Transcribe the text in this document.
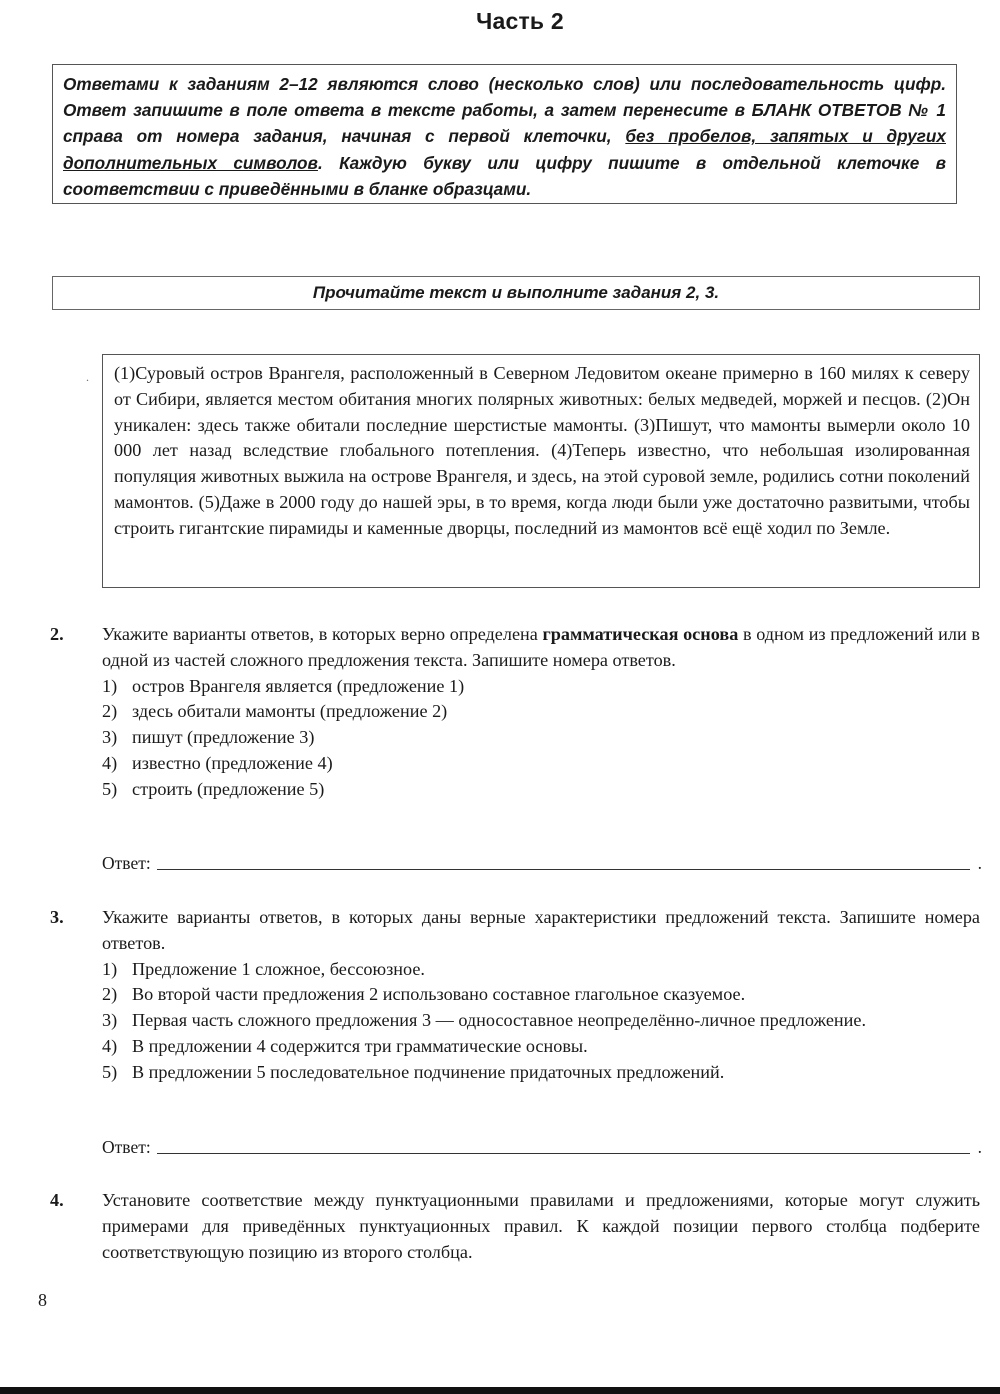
Часть 2
Ответами к заданиям 2–12 являются слово (несколько слов) или последовательность цифр. Ответ запишите в поле ответа в тексте работы, а затем перенесите в БЛАНК ОТВЕТОВ № 1 справа от номера задания, начиная с первой клеточки, без пробелов, запятых и других дополнительных символов. Каждую букву или цифру пишите в отдельной клеточке в соответствии с приведёнными в бланке образцами.
Прочитайте текст и выполните задания 2, 3.
.	(1)Суровый остров Врангеля, расположенный в Северном Ледовитом океане примерно в 160 милях к северу от Сибири, является местом обитания многих полярных животных: белых медведей, моржей и песцов. (2)Он уникален: здесь также обитали последние шерстистые мамонты. (3)Пишут, что мамонты вымерли около 10 000 лет назад вследствие глобального потепления. (4)Теперь известно, что небольшая изолированная популяция животных выжила на острове Врангеля, и здесь, на этой суровой земле, родились сотни поколений мамонтов. (5)Даже в 2000 году до нашей эры, в то время, когда люди были уже достаточно развитыми, чтобы строить гигантские пирамиды и каменные дворцы, последний из мамонтов всё ещё ходил по Земле.
2. Укажите варианты ответов, в которых верно определена грамматическая основа в одном из предложений или в одной из частей сложного предложения текста. Запишите номера ответов.
1) остров Врангеля является (предложение 1)
2) здесь обитали мамонты (предложение 2)
3) пишут (предложение 3)
4) известно (предложение 4)
5) строить (предложение 5)
Ответ:	.
3. Укажите варианты ответов, в которых даны верные характеристики предложений текста. Запишите номера ответов.
1) Предложение 1 сложное, бессоюзное.
2) Во второй части предложения 2 использовано составное глагольное сказуемое.
3) Первая часть сложного предложения 3 — односоставное неопределённо-личное предложение.
4) В предложении 4 содержится три грамматические основы.
5) В предложении 5 последовательное подчинение придаточных предложений.
Ответ:	.
4. Установите соответствие между пунктуационными правилами и предложениями, которые могут служить примерами для приведённых пунктуационных правил. К каждой позиции первого столбца подберите соответствующую позицию из второго столбца.
8
